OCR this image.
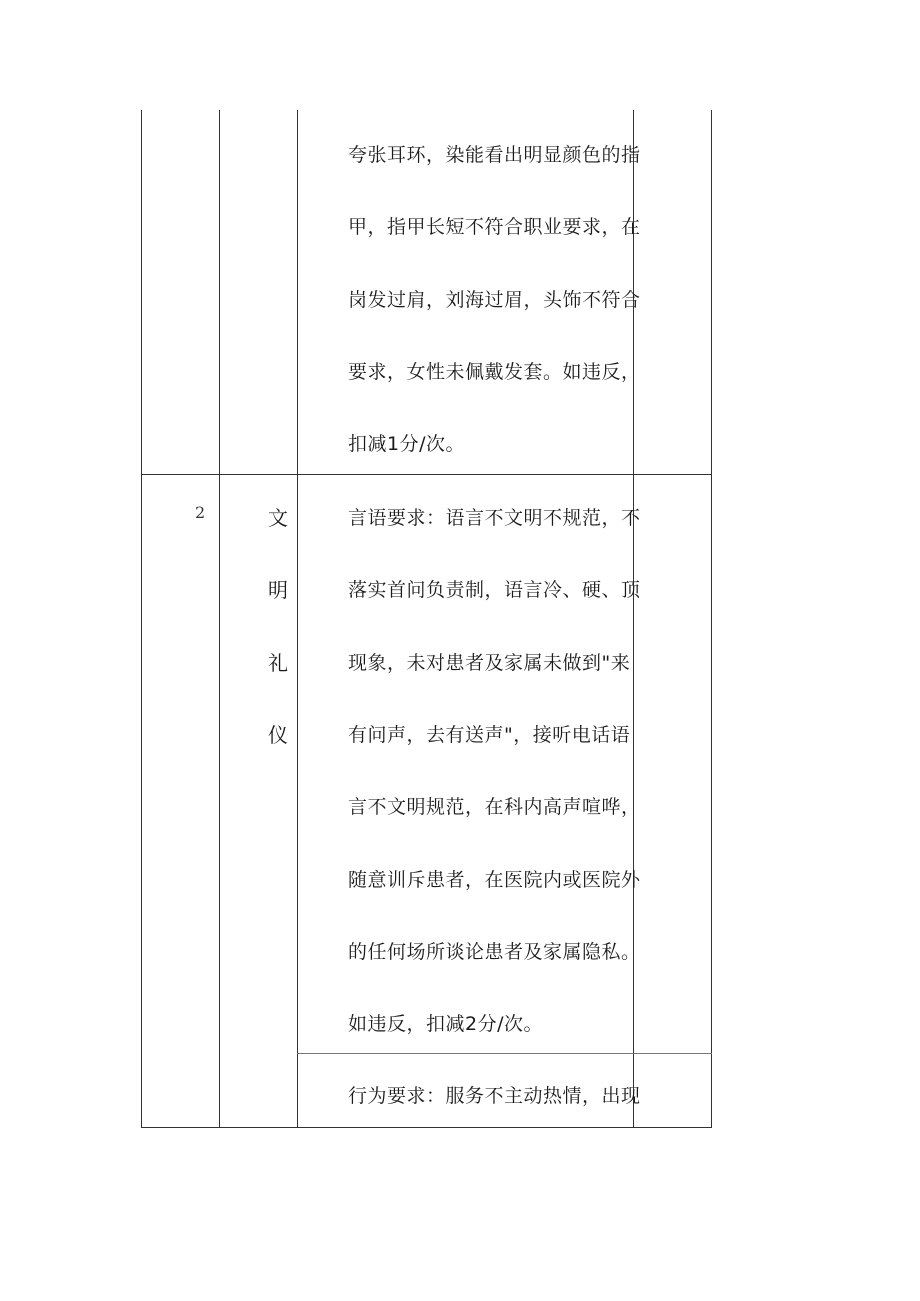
夸张耳环，染能看出明显颜色的指
甲，指甲长短不符合职业要求，在
岗发过肩，刘海过眉，头饰不符合
要求，女性未佩戴发套。如违反，
扣减1分/次。
2	文
明
礼
仪
言语要求：语言不文明不规范，不
落实首问负责制，语言冷、硬、顶
现象，未对患者及家属未做到"来
有问声，去有送声"，接听电话语
言不文明规范，在科内高声喧哗，
随意训斥患者，在医院内或医院外
的任何场所谈论患者及家属隐私。
如违反，扣减2分/次。
行为要求：服务不主动热情，出现
